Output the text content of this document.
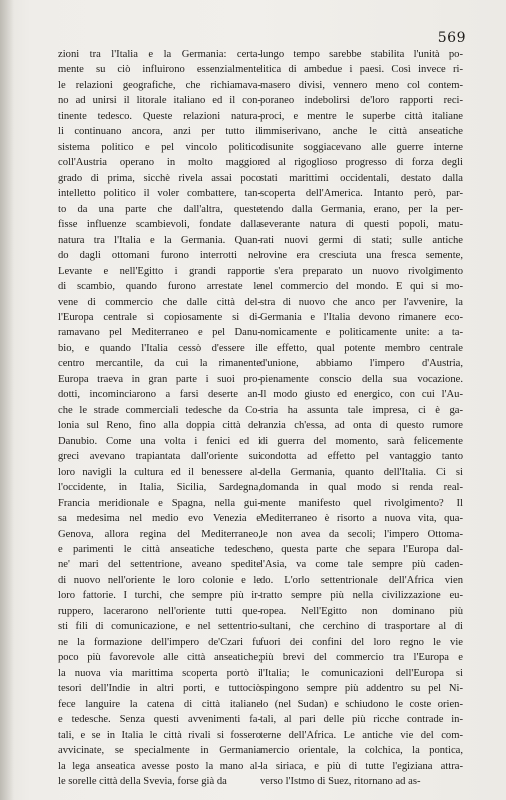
569
zioni tra l'Italia e la Germania: certa-
mente su ciò influirono essenzialmente
le relazioni geografiche, che richiamava-
no ad unirsi il litorale italiano ed il con-
tinente tedesco. Queste relazioni natura-
li continuano ancora, anzi per tutto il
sistema politico e pel vincolo politico
coll'Austria operano in molto maggior
grado di prima, sicchè rivela assai poco
intelletto politico il voler combattere, tan-
to da una parte che dall'altra, queste
fisse influenze scambievoli, fondate dalla
natura tra l'Italia e la Germania. Quan-
do dagli ottomani furono interrotti nel
Levante e nell'Egitto i grandi rapporti
di scambio, quando furono arrestate le
vene di commercio che dalle città del-
l'Europa centrale sì copiosamente si di-
ramavano pel Mediterraneo e pel Danu-
bio, e quando l'Italia cessò d'essere il
centro mercantile, da cui la rimanente
Europa traeva in gran parte i suoi pro-
dotti, incominciarono a farsi deserte an-
che le strade commerciali tedesche da Co-
lonia sul Reno, fino alla doppia città del
Danubio. Come una volta i fenici ed i
greci avevano trapiantata dall'oriente sui
loro navigli la cultura ed il benessere al-
l'occidente, in Italia, Sicilia, Sardegna,
Francia meridionale e Spagna, nella gui-
sa medesima nel medio evo Venezia e
Genova, allora regina del Mediterraneo,
e parimenti le città anseatiche tedesche
ne' mari del settentrione, aveano spedite
di nuovo nell'oriente le loro colonie e le
loro fattorie. I turchi, che sempre più ir-
ruppero, lacerarono nell'oriente tutti que-
sti fili di comunicazione, e nel settentrio-
ne la formazione dell'impero de'Czari fu
poco più favorevole alle città anseatiche;
la nuova via marittima scoperta portò i
tesori dell'Indie in altri porti, e tuttociò
fece languire la catena di città italiane
e tedesche. Senza questi avvenimenti fa-
tali, e se in Italia le città rivali si fossero
avvicinate, se specialmente in Germania
la lega anseatica avesse posto la mano al-
le sorelle città della Svevia, forse già da
lungo tempo sarebbe stabilita l'unità po-
litica di ambedue i paesi. Così invece ri-
masero divisi, vennero meno col contem-
poraneo indebolirsi de'loro rapporti reci-
proci, e mentre le superbe città italiane
immiserivano, anche le città anseatiche
disunite soggiacevano alle guerre interne
ed al rigoglioso progresso di forza degli
stati marittimi occidentali, destato dalla
scoperta dell'America. Intanto però, par-
tendo dalla Germania, erano, per la per-
severante natura di questi popoli, matu-
rati nuovi germi di stati; sulle antiche
rovine era cresciuta una fresca semente,
e s'era preparato un nuovo rivolgimento
nel commercio del mondo. E qui si mo-
stra di nuovo che anco per l'avvenire, la
Germania e l'Italia devono rimanere eco-
nomicamente e politicamente unite: a ta-
le effetto, qual potente membro centrale
d'unione, abbiamo l'impero d'Austria,
pienamente conscio della sua vocazione.
Il modo giusto ed energico, con cui l'Au-
stria ha assunta tale impresa, ci è ga-
ranzia ch'essa, ad onta di questo rumore
di guerra del momento, sarà felicemente
condotta ad effetto pel vantaggio tanto
della Germania, quanto dell'Italia. Ci si
domanda in qual modo si renda real-
mente manifesto quel rivolgimento? Il
Mediterraneo è risorto a nuova vita, qua-
le non avea da secoli; l'impero Ottoma-
no, questa parte che separa l'Europa dal-
l'Asia, va come tale sempre più caden-
do. L'orlo settentrionale dell'Africa vien
tratto sempre più nella civilizzazione eu-
ropea. Nell'Egitto non dominano più
sultani, che cerchino di trasportare al di
fuori dei confini del loro regno le vie
più brevi del commercio tra l'Europa e
l'Italia; le comunicazioni dell'Europa si
spingono sempre più addentro su pel Ni-
lo (nel Sudan) e schiudono le coste orien-
tali, al pari delle più ricche contrade in-
terne dell'Africa. Le antiche vie del com-
mercio orientale, la colchica, la pontica,
la siriaca, e più di tutte l'egiziana attra-
verso l'Istmo di Suez, ritornano ad as-
